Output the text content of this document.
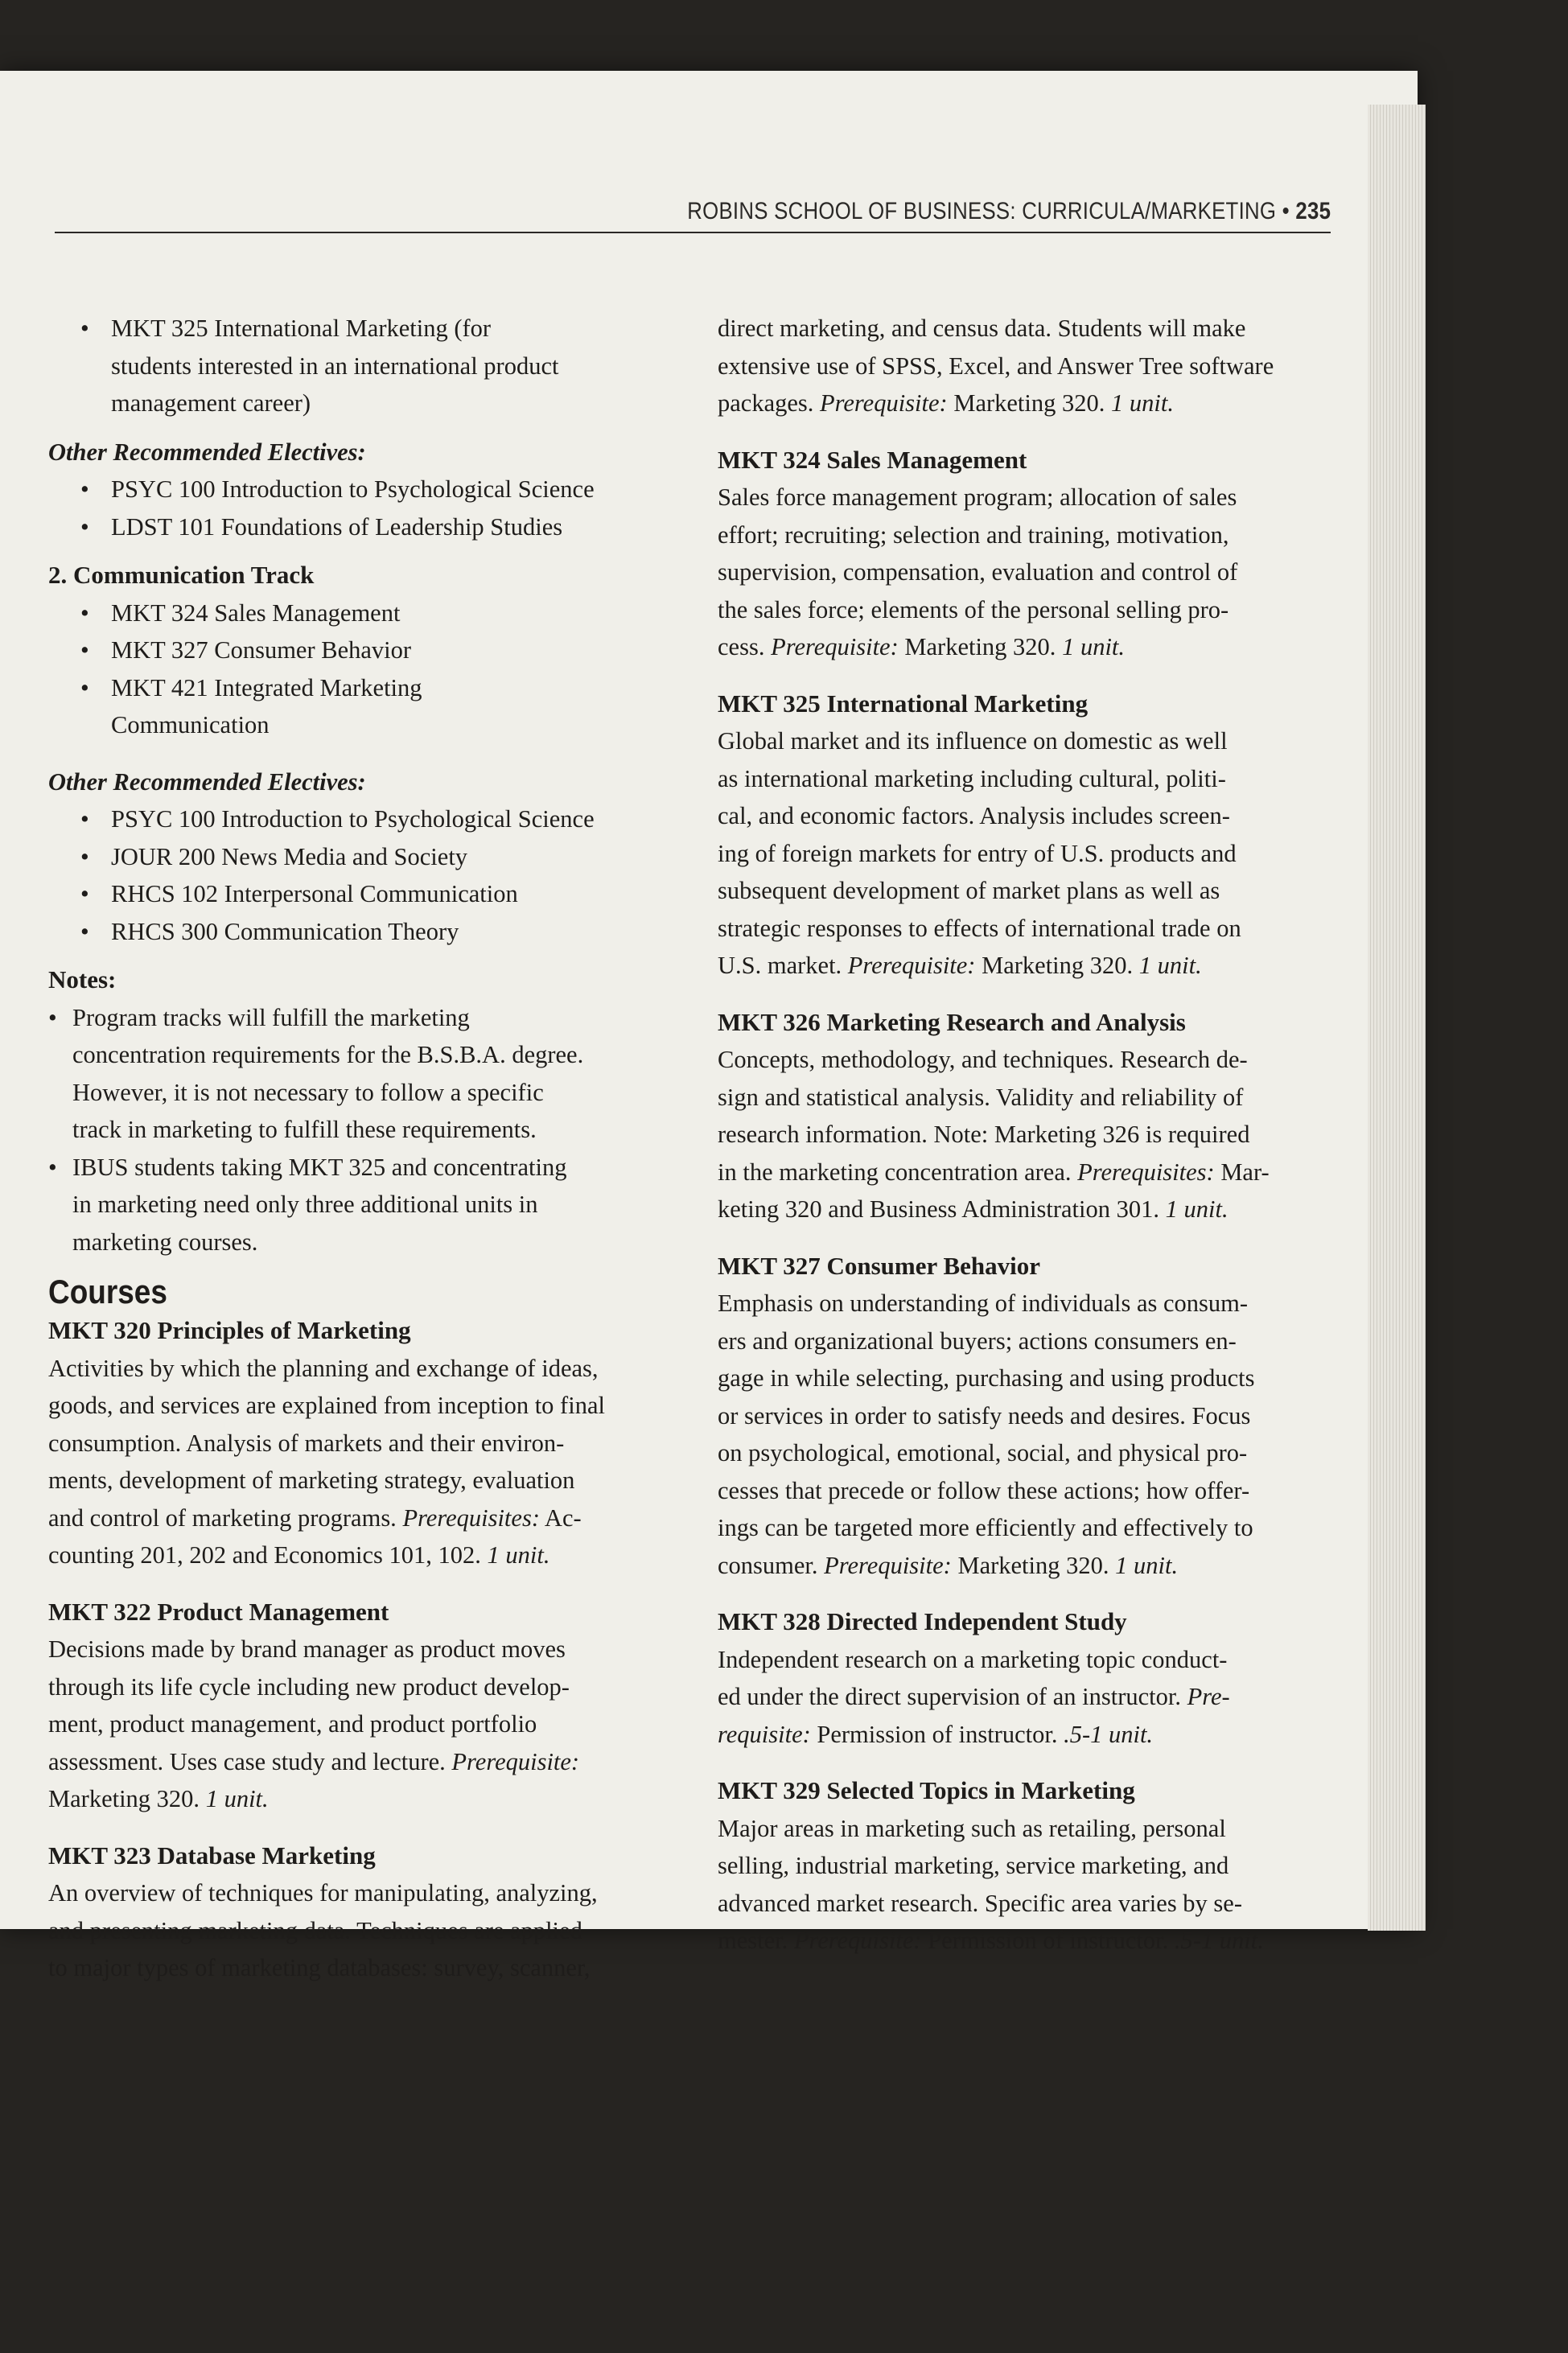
ROBINS SCHOOL OF BUSINESS: CURRICULA/MARKETING • 235
• MKT 325 International Marketing (for
students interested in an international product
management career)
Other Recommended Electives:
• PSYC 100 Introduction to Psychological Science
• LDST 101 Foundations of Leadership Studies
2. Communication Track
• MKT 324 Sales Management
• MKT 327 Consumer Behavior
• MKT 421 Integrated Marketing
Communication
Other Recommended Electives:
• PSYC 100 Introduction to Psychological Science
• JOUR 200 News Media and Society
• RHCS 102 Interpersonal Communication
• RHCS 300 Communication Theory
Notes:
• Program tracks will fulfill the marketing
concentration requirements for the B.S.B.A. degree.
However, it is not necessary to follow a specific
track in marketing to fulfill these requirements.
• IBUS students taking MKT 325 and concentrating
in marketing need only three additional units in
marketing courses.
Courses
MKT 320 Principles of Marketing
Activities by which the planning and exchange of ideas,
goods, and services are explained from inception to final
consumption. Analysis of markets and their environ-
ments, development of marketing strategy, evaluation
and control of marketing programs. Prerequisites: Ac-
counting 201, 202 and Economics 101, 102. 1 unit.
MKT 322 Product Management
Decisions made by brand manager as product moves
through its life cycle including new product develop-
ment, product management, and product portfolio
assessment. Uses case study and lecture. Prerequisite:
Marketing 320. 1 unit.
MKT 323 Database Marketing
An overview of techniques for manipulating, analyzing,
and presenting marketing data. Techniques are applied
to major types of marketing databases: survey, scanner,
direct marketing, and census data. Students will make
extensive use of SPSS, Excel, and Answer Tree software
packages. Prerequisite: Marketing 320. 1 unit.
MKT 324 Sales Management
Sales force management program; allocation of sales
effort; recruiting; selection and training, motivation,
supervision, compensation, evaluation and control of
the sales force; elements of the personal selling pro-
cess. Prerequisite: Marketing 320. 1 unit.
MKT 325 International Marketing
Global market and its influence on domestic as well
as international marketing including cultural, politi-
cal, and economic factors. Analysis includes screen-
ing of foreign markets for entry of U.S. products and
subsequent development of market plans as well as
strategic responses to effects of international trade on
U.S. market. Prerequisite: Marketing 320. 1 unit.
MKT 326 Marketing Research and Analysis
Concepts, methodology, and techniques. Research de-
sign and statistical analysis. Validity and reliability of
research information. Note: Marketing 326 is required
in the marketing concentration area. Prerequisites: Mar-
keting 320 and Business Administration 301. 1 unit.
MKT 327 Consumer Behavior
Emphasis on understanding of individuals as consum-
ers and organizational buyers; actions consumers en-
gage in while selecting, purchasing and using products
or services in order to satisfy needs and desires. Focus
on psychological, emotional, social, and physical pro-
cesses that precede or follow these actions; how offer-
ings can be targeted more efficiently and effectively to
consumer. Prerequisite: Marketing 320. 1 unit.
MKT 328 Directed Independent Study
Independent research on a marketing topic conduct-
ed under the direct supervision of an instructor. Pre-
requisite: Permission of instructor. .5-1 unit.
MKT 329 Selected Topics in Marketing
Major areas in marketing such as retailing, personal
selling, industrial marketing, service marketing, and
advanced market research. Specific area varies by se-
mester. Prerequisite: Permission of instructor. .5-1 unit.
